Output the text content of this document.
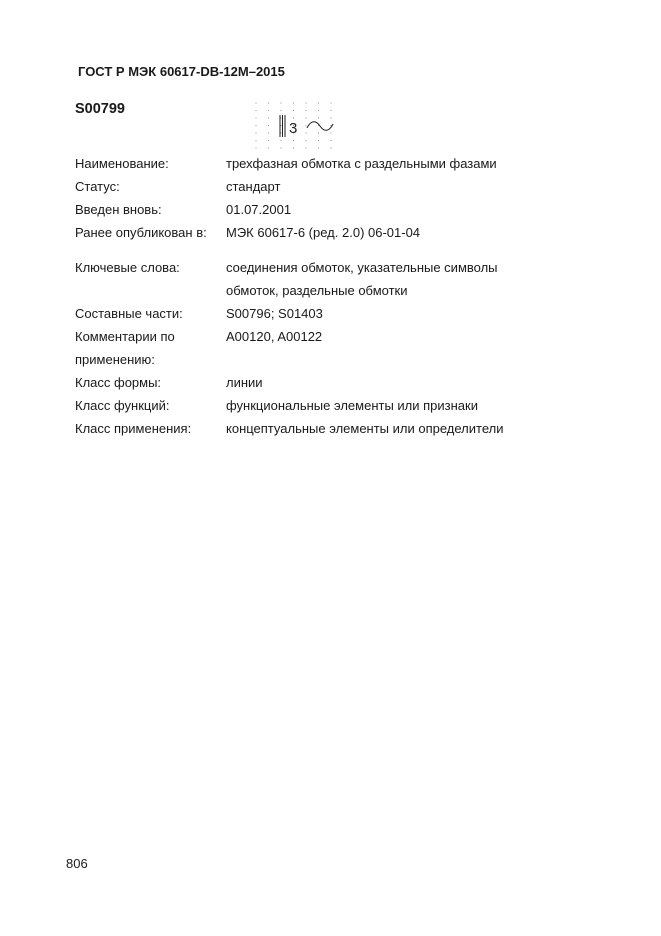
ГОСТ Р МЭК 60617-DB-12M–2015
S00799
3
Наименование:	трехфазная обмотка с раздельными фазами
Статус:	стандарт
Введен вновь:	01.07.2001
Ранее опубликован в:	МЭК 60617-6 (ред. 2.0) 06-01-04
Ключевые слова:	соединения обмоток, указательные символы обмоток, раздельные обмотки
Составные части:	S00796; S01403
Комментарии по применению:
A00120, A00122
Класс формы:	линии
Класс функций:	функциональные элементы или признаки
Класс применения:	концептуальные элементы или определители
806
